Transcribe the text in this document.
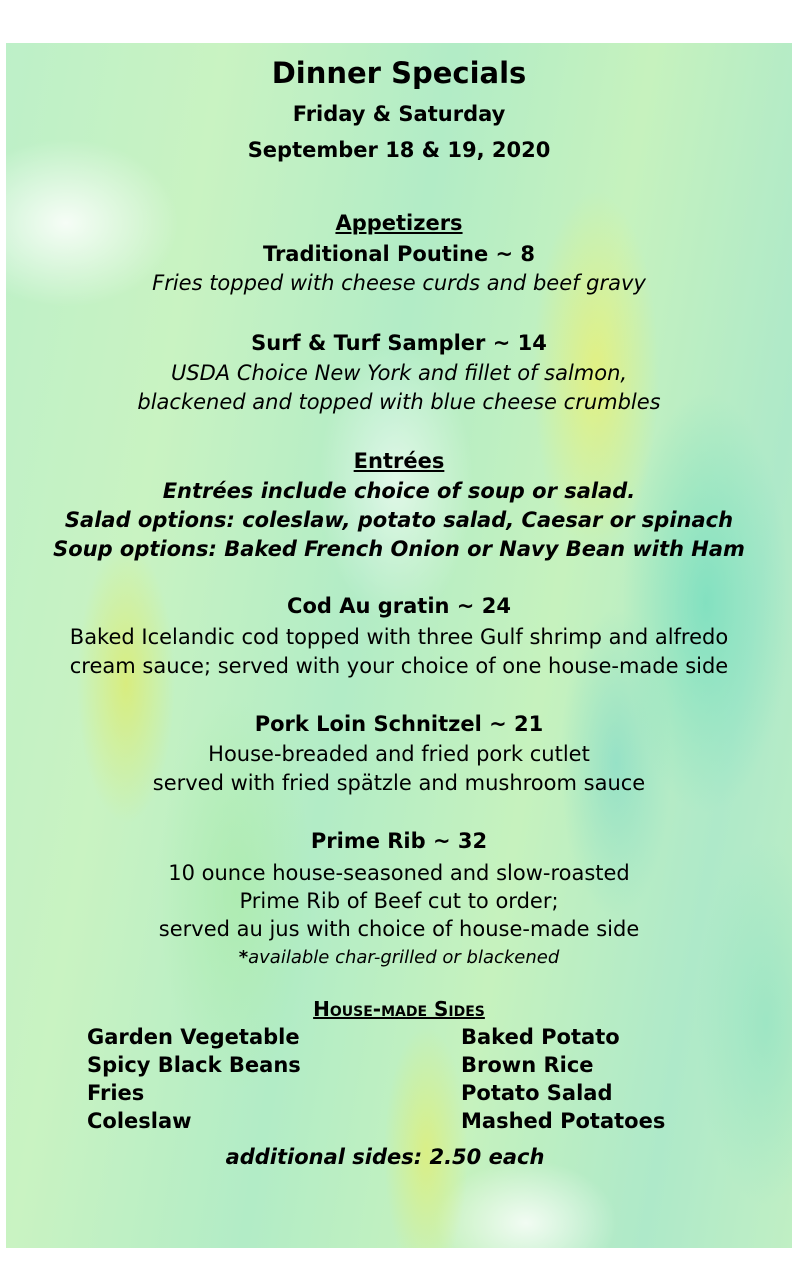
Dinner Specials
Friday & Saturday
September 18 & 19, 2020
Appetizers
Traditional Poutine ~ 8
Fries topped with cheese curds and beef gravy
Surf & Turf Sampler ~ 14
USDA Choice New York and fillet of salmon,
blackened and topped with blue cheese crumbles
Entrées
Entrées include choice of soup or salad.
Salad options: coleslaw, potato salad, Caesar or spinach
Soup options: Baked French Onion or Navy Bean with Ham
Cod Au gratin ~ 24
Baked Icelandic cod topped with three Gulf shrimp and alfredo
cream sauce; served with your choice of one house-made side
Pork Loin Schnitzel ~ 21
House-breaded and fried pork cutlet
served with fried spätzle and mushroom sauce
Prime Rib ~ 32
10 ounce house-seasoned and slow-roasted
Prime Rib of Beef cut to order;
served au jus with choice of house-made side
*available char-grilled or blackened
House-made Sides
Garden Vegetable
Spicy Black Beans
Fries
Coleslaw
Baked Potato
Brown Rice
Potato Salad
Mashed Potatoes
additional sides: 2.50 each
